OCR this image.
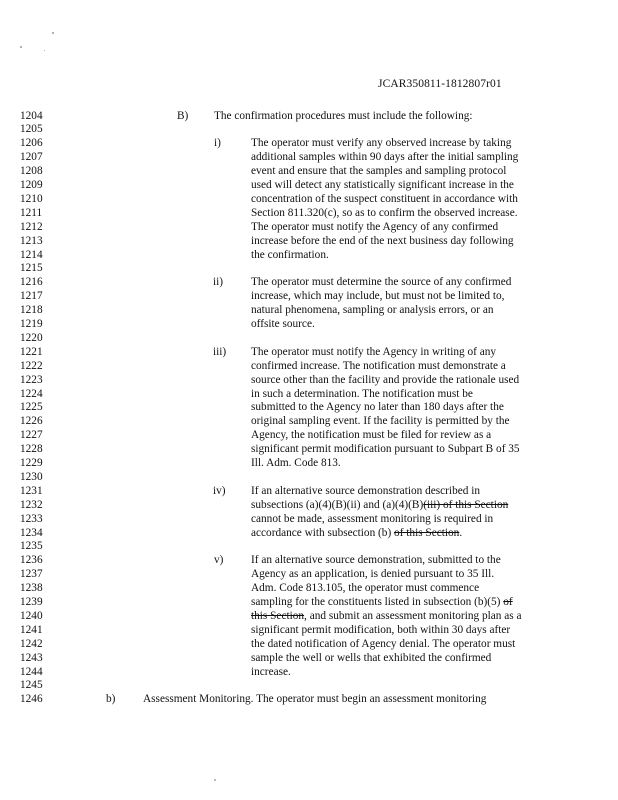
JCAR350811-1812807r01
1204	B) The confirmation procedures must include the following:
1205
1206	i)	The operator must verify any observed increase by taking
1207	additional samples within 90 days after the initial sampling
1208	event and ensure that the samples and sampling protocol
1209	used will detect any statistically significant increase in the
1210	concentration of the suspect constituent in accordance with
1211	Section 811.320(c), so as to confirm the observed increase.
1212	The operator must notify the Agency of any confirmed
1213	increase before the end of the next business day following
1214	the confirmation.
1215
1216	ii) The operator must determine the source of any confirmed
1217	increase, which may include, but must not be limited to,
1218	natural phenomena, sampling or analysis errors, or an
1219	offsite source.
1220
1221	iii) The operator must notify the Agency in writing of any
1222	confirmed increase. The notification must demonstrate a
1223	source other than the facility and provide the rationale used
1224	in such a determination. The notification must be
1225	submitted to the Agency no later than 180 days after the
1226	original sampling event. If the facility is permitted by the
1227	Agency, the notification must be filed for review as a
1228	significant permit modification pursuant to Subpart B of 35
1229	Ill. Adm. Code 813.
1230
1231	iv) If an alternative source demonstration described in
1232	subsections (a)(4)(B)(ii) and (a)(4)(B)(iii) of this Section
1233	cannot be made, assessment monitoring is required in
1234	accordance with subsection (b) of this Section.
1235
1236	v) If an alternative source demonstration, submitted to the
1237	Agency as an application, is denied pursuant to 35 Ill.
1238	Adm. Code 813.105, the operator must commence
1239	sampling for the constituents listed in subsection (b)(5) of
1240	this Section, and submit an assessment monitoring plan as a
1241	significant permit modification, both within 30 days after
1242	the dated notification of Agency denial. The operator must
1243	sample the well or wells that exhibited the confirmed
1244	increase.
1245
1246	b) Assessment Monitoring. The operator must begin an assessment monitoring
